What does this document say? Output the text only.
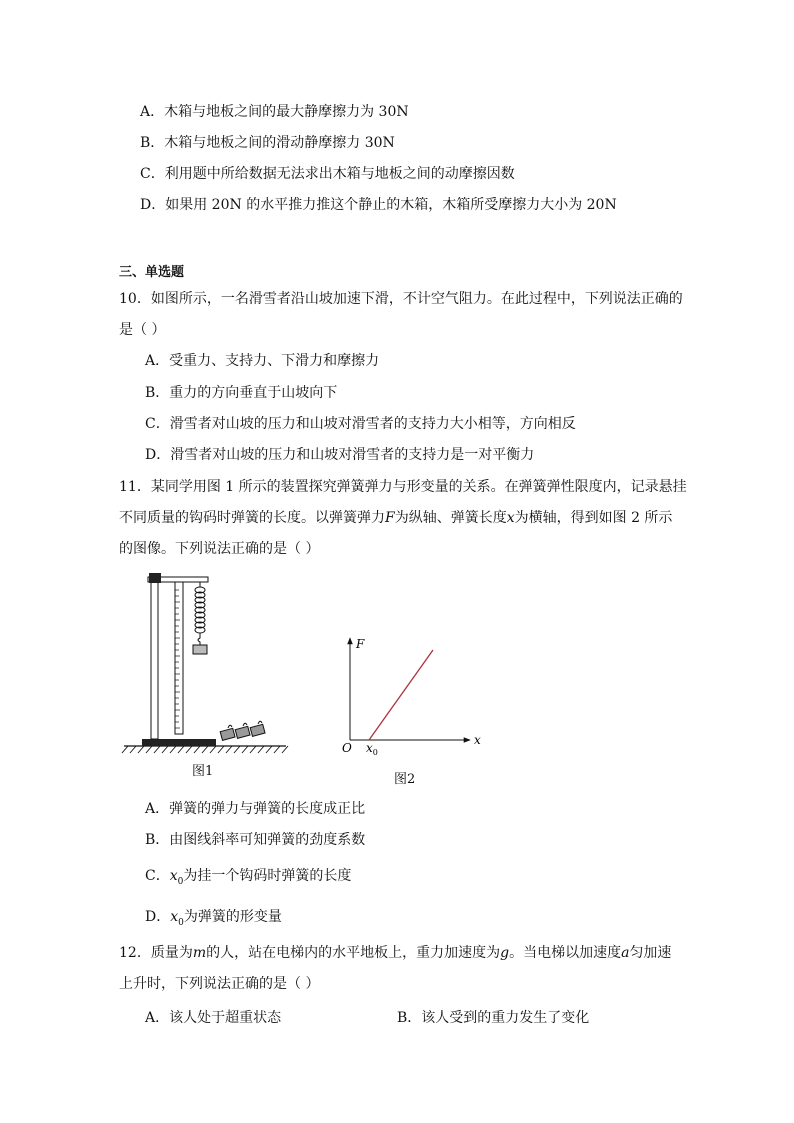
A．木箱与地板之间的最大静摩擦力为 30N
B．木箱与地板之间的滑动静摩擦力 30N
C．利用题中所给数据无法求出木箱与地板之间的动摩擦因数
D．如果用 20N 的水平推力推这个静止的木箱，木箱所受摩擦力大小为 20N
三、单选题
10．如图所示，一名滑雪者沿山坡加速下滑，不计空气阻力。在此过程中，下列说法正确的
是（ ）
A．受重力、支持力、下滑力和摩擦力
B．重力的方向垂直于山坡向下
C．滑雪者对山坡的压力和山坡对滑雪者的支持力大小相等，方向相反
D．滑雪者对山坡的压力和山坡对滑雪者的支持力是一对平衡力
11．某同学用图 1 所示的装置探究弹簧弹力与形变量的关系。在弹簧弹性限度内，记录悬挂
不同质量的钩码时弹簧的长度。以弹簧弹力F为纵轴、弹簧长度x为横轴，得到如图 2 所示
的图像。下列说法正确的是（ ）
图1
F
x
O $x_0$
图2
A．弹簧的弹力与弹簧的长度成正比
B．由图线斜率可知弹簧的劲度系数
C．$x_0$为挂一个钩码时弹簧的长度
D．$x_0$为弹簧的形变量
12．质量为m的人，站在电梯内的水平地板上，重力加速度为g。当电梯以加速度a匀加速
上升时，下列说法正确的是（ ）
A．该人处于超重状态	B．该人受到的重力发生了变化
